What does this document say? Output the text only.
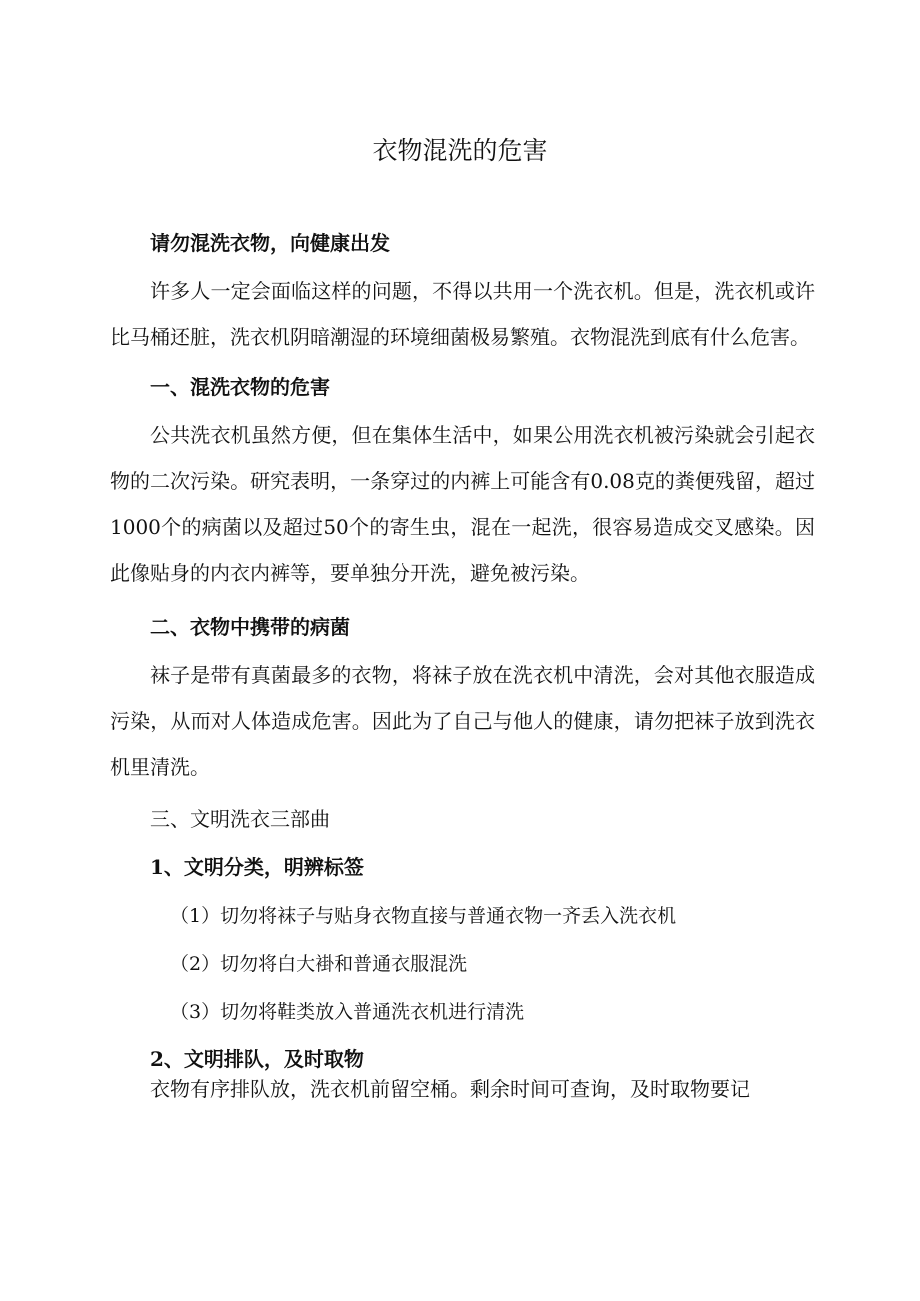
衣物混洗的危害

请勿混洗衣物，向健康出发

许多人一定会面临这样的问题，不得以共用一个洗衣机。但是，洗衣机或许比马桶还脏，洗衣机阴暗潮湿的环境细菌极易繁殖。衣物混洗到底有什么危害。

一、混洗衣物的危害

公共洗衣机虽然方便，但在集体生活中，如果公用洗衣机被污染就会引起衣物的二次污染。研究表明，一条穿过的内裤上可能含有0.08克的粪便残留，超过1000个的病菌以及超过50个的寄生虫，混在一起洗，很容易造成交叉感染。因此像贴身的内衣内裤等，要单独分开洗，避免被污染。

二、衣物中携带的病菌

袜子是带有真菌最多的衣物，将袜子放在洗衣机中清洗，会对其他衣服造成污染，从而对人体造成危害。因此为了自己与他人的健康，请勿把袜子放到洗衣机里清洗。

三、文明洗衣三部曲

1、文明分类，明辨标签

（1）切勿将袜子与贴身衣物直接与普通衣物一齐丢入洗衣机

（2）切勿将白大褂和普通衣服混洗

（3）切勿将鞋类放入普通洗衣机进行清洗

2、文明排队，及时取物

衣物有序排队放，洗衣机前留空桶。剩余时间可查询，及时取物要记
